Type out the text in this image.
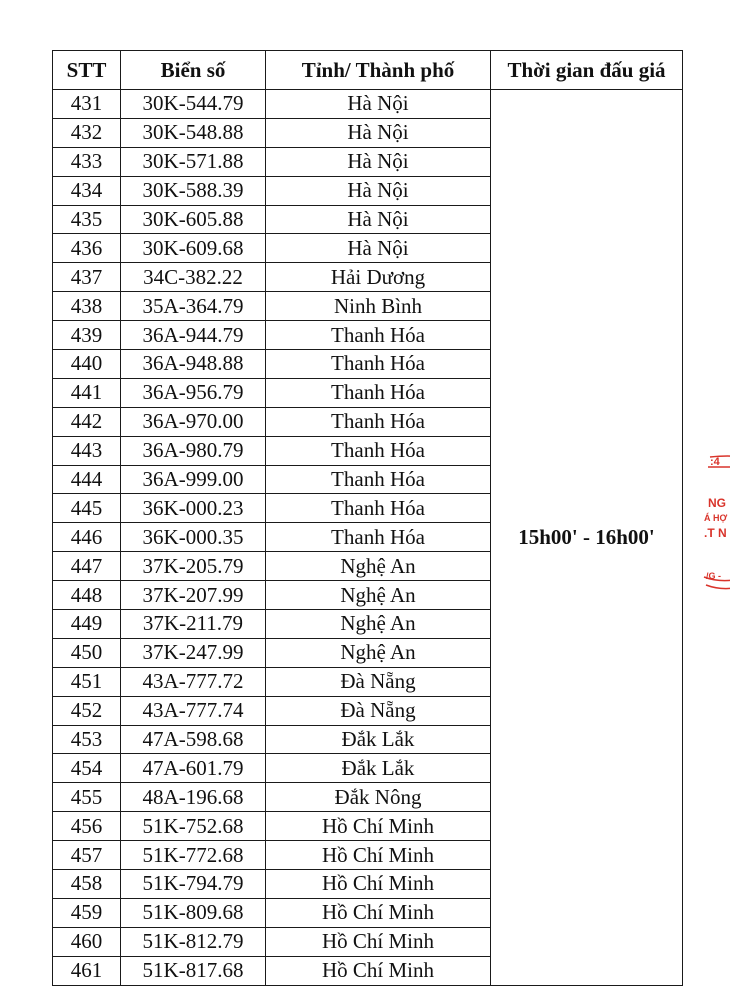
STT	Biển số	Tỉnh/ Thành phố	Thời gian đấu giá
431	30K-544.79	Hà Nội	15h00' - 16h00'
432	30K-548.88	Hà Nội	
433	30K-571.88	Hà Nội	
434	30K-588.39	Hà Nội	
435	30K-605.88	Hà Nội	
436	30K-609.68	Hà Nội	
437	34C-382.22	Hải Dương	
438	35A-364.79	Ninh Bình	
439	36A-944.79	Thanh Hóa	
440	36A-948.88	Thanh Hóa	
441	36A-956.79	Thanh Hóa	
442	36A-970.00	Thanh Hóa	
443	36A-980.79	Thanh Hóa	
444	36A-999.00	Thanh Hóa	
445	36K-000.23	Thanh Hóa	
446	36K-000.35	Thanh Hóa	
447	37K-205.79	Nghệ An	
448	37K-207.99	Nghệ An	
449	37K-211.79	Nghệ An	
450	37K-247.99	Nghệ An	
451	43A-777.72	Đà Nẵng	
452	43A-777.74	Đà Nẵng	
453	47A-598.68	Đắk Lắk	
454	47A-601.79	Đắk Lắk	
455	48A-196.68	Đắk Nông	
456	51K-752.68	Hồ Chí Minh	
457	51K-772.68	Hồ Chí Minh	
458	51K-794.79	Hồ Chí Minh	
459	51K-809.68	Hồ Chí Minh	
460	51K-812.79	Hồ Chí Minh	
461	51K-817.68	Hồ Chí Minh	
:4
NG
Á HỢ
.T N
/G -
